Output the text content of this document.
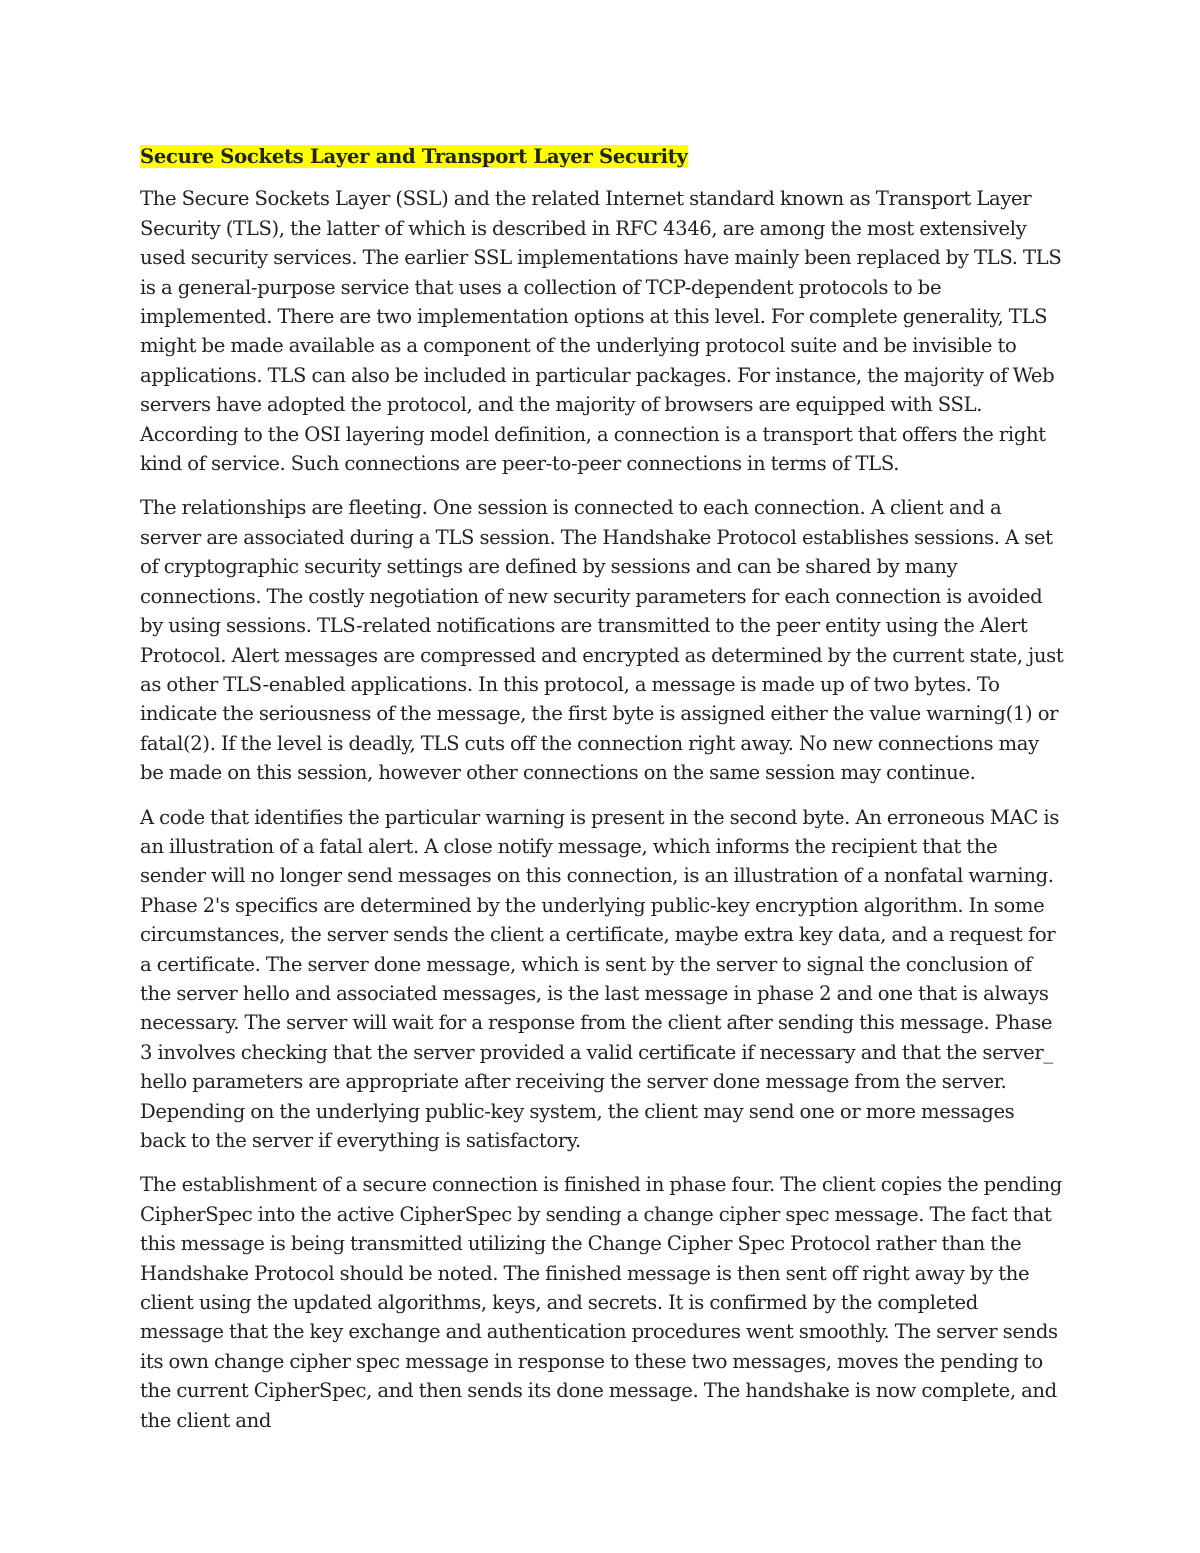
Secure Sockets Layer and Transport Layer Security

The Secure Sockets Layer (SSL) and the related Internet standard known as Transport Layer Security (TLS), the latter of which is described in RFC 4346, are among the most extensively used security services. The earlier SSL implementations have mainly been replaced by TLS. TLS is a general-purpose service that uses a collection of TCP-dependent protocols to be implemented. There are two implementation options at this level. For complete generality, TLS might be made available as a component of the underlying protocol suite and be invisible to applications. TLS can also be included in particular packages. For instance, the majority of Web servers have adopted the protocol, and the majority of browsers are equipped with SSL. According to the OSI layering model definition, a connection is a transport that offers the right kind of service. Such connections are peer-to-peer connections in terms of TLS.

The relationships are fleeting. One session is connected to each connection. A client and a server are associated during a TLS session. The Handshake Protocol establishes sessions. A set of cryptographic security settings are defined by sessions and can be shared by many connections. The costly negotiation of new security parameters for each connection is avoided by using sessions. TLS-related notifications are transmitted to the peer entity using the Alert Protocol. Alert messages are compressed and encrypted as determined by the current state, just as other TLS-enabled applications. In this protocol, a message is made up of two bytes. To indicate the seriousness of the message, the first byte is assigned either the value warning(1) or fatal(2). If the level is deadly, TLS cuts off the connection right away. No new connections may be made on this session, however other connections on the same session may continue.

A code that identifies the particular warning is present in the second byte. An erroneous MAC is an illustration of a fatal alert. A close notify message, which informs the recipient that the sender will no longer send messages on this connection, is an illustration of a nonfatal warning. Phase 2's specifics are determined by the underlying public-key encryption algorithm. In some circumstances, the server sends the client a certificate, maybe extra key data, and a request for a certificate. The server done message, which is sent by the server to signal the conclusion of the server hello and associated messages, is the last message in phase 2 and one that is always necessary. The server will wait for a response from the client after sending this message. Phase 3 involves checking that the server provided a valid certificate if necessary and that the server_ hello parameters are appropriate after receiving the server done message from the server. Depending on the underlying public-key system, the client may send one or more messages back to the server if everything is satisfactory.

The establishment of a secure connection is finished in phase four. The client copies the pending CipherSpec into the active CipherSpec by sending a change cipher spec message. The fact that this message is being transmitted utilizing the Change Cipher Spec Protocol rather than the Handshake Protocol should be noted. The finished message is then sent off right away by the client using the updated algorithms, keys, and secrets. It is confirmed by the completed message that the key exchange and authentication procedures went smoothly. The server sends its own change cipher spec message in response to these two messages, moves the pending to the current CipherSpec, and then sends its done message. The handshake is now complete, and the client and
